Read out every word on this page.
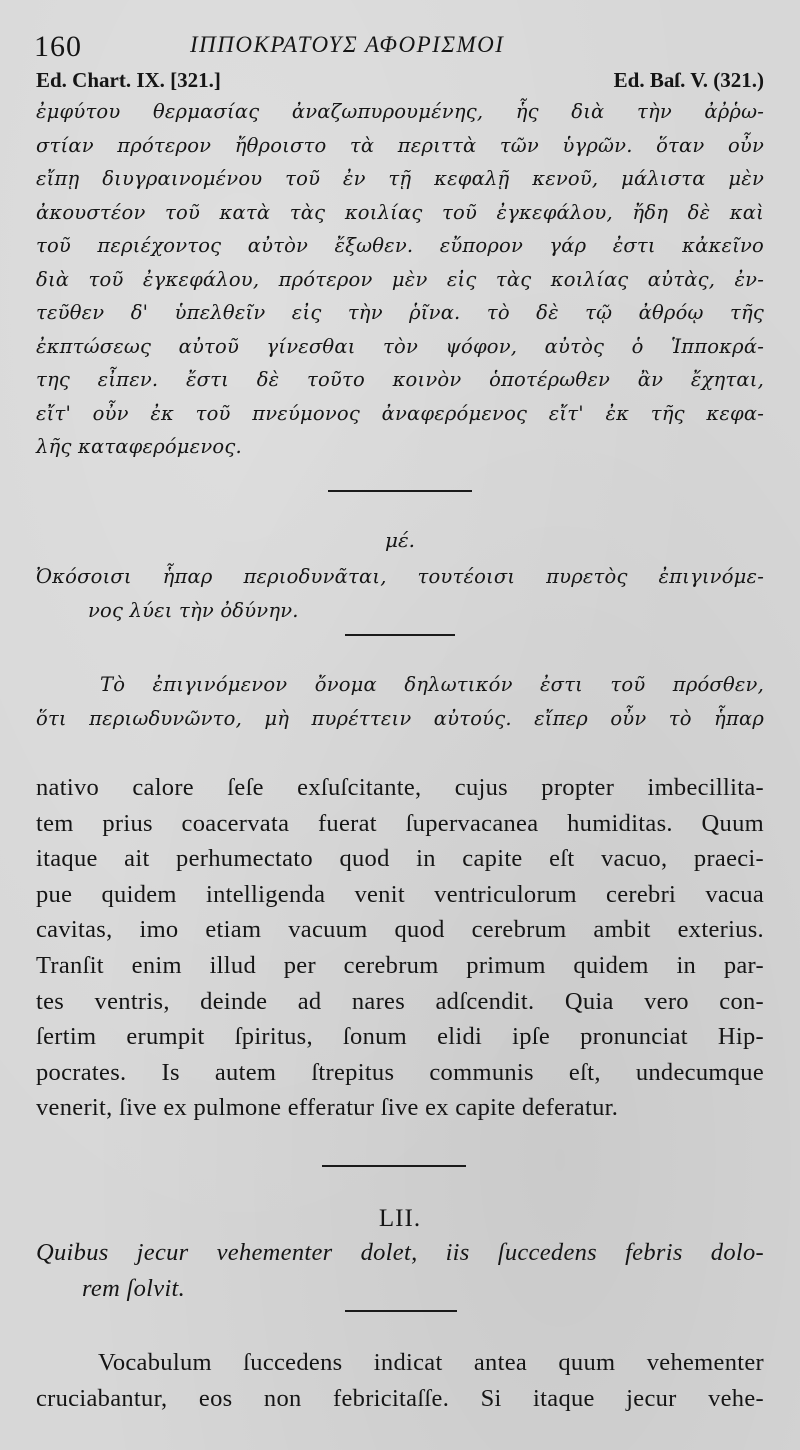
160	ΙΠΠΟΚΡΑΤΟΥΣ ΑΦΟΡΙΣΜΟΙ
Ed. Chart. IX. [321.]	Ed. Baſ. V. (321.)
ἐμφύτου θερμασίας ἀναζωπυρουμένης, ἧς διὰ τὴν ἀῤῥω-
στίαν πρότερον ἤθροιστο τὰ περιττὰ τῶν ὑγρῶν. ὅταν οὖν
εἴπῃ διυγραινομένου τοῦ ἐν τῇ κεφαλῇ κενοῦ, μάλιστα μὲν
ἀκουστέον τοῦ κατὰ τὰς κοιλίας τοῦ ἐγκεφάλου, ἤδη δὲ καὶ
τοῦ περιέχοντος αὐτὸν ἔξωθεν. εὔπορον γάρ ἐστι κἀκεῖνο
διὰ τοῦ ἐγκεφάλου, πρότερον μὲν εἰς τὰς κοιλίας αὐτὰς, ἐν-
τεῦθεν δ' ὑπελθεῖν εἰς τὴν ῥῖνα. τὸ δὲ τῷ ἀθρόῳ τῆς
ἐκπτώσεως αὐτοῦ γίνεσθαι τὸν ψόφον, αὐτὸς ὁ Ἱπποκρά-
της εἶπεν. ἔστι δὲ τοῦτο κοινὸν ὁποτέρωθεν ἂν ἔχηται,
εἴτ' οὖν ἐκ τοῦ πνεύμονος ἀναφερόμενος εἴτ' ἐκ τῆς κεφα-
λῆς καταφερόμενος.
μέ.
Ὀκόσοισι ἧπαρ περιοδυνᾶται, τουτέοισι πυρετὸς ἐπιγινόμε-
νος λύει τὴν ὀδύνην.
Τὸ ἐπιγινόμενον ὄνομα δηλωτικόν ἐστι τοῦ πρόσθεν,
ὅτι περιωδυνῶντο, μὴ πυρέττειν αὐτούς. εἴπερ οὖν τὸ ἧπαρ
nativo calore ſeſe exſuſcitante, cujus propter imbecillita-
tem prius coacervata fuerat ſupervacanea humiditas. Quum
itaque ait perhumectato quod in capite eſt vacuo, praeci-
pue quidem intelligenda venit ventriculorum cerebri vacua
cavitas, imo etiam vacuum quod cerebrum ambit exterius.
Tranſit enim illud per cerebrum primum quidem in par-
tes ventris, deinde ad nares adſcendit. Quia vero con-
ſertim erumpit ſpiritus, ſonum elidi ipſe pronunciat Hip-
pocrates. Is autem ſtrepitus communis eſt, undecumque
venerit, ſive ex pulmone efferatur ſive ex capite deferatur.
LII.
Quibus jecur vehementer dolet, iis ſuccedens febris dolo-
rem ſolvit.
Vocabulum ſuccedens indicat antea quum vehementer
cruciabantur, eos non febricitaſſe. Si itaque jecur vehe-
